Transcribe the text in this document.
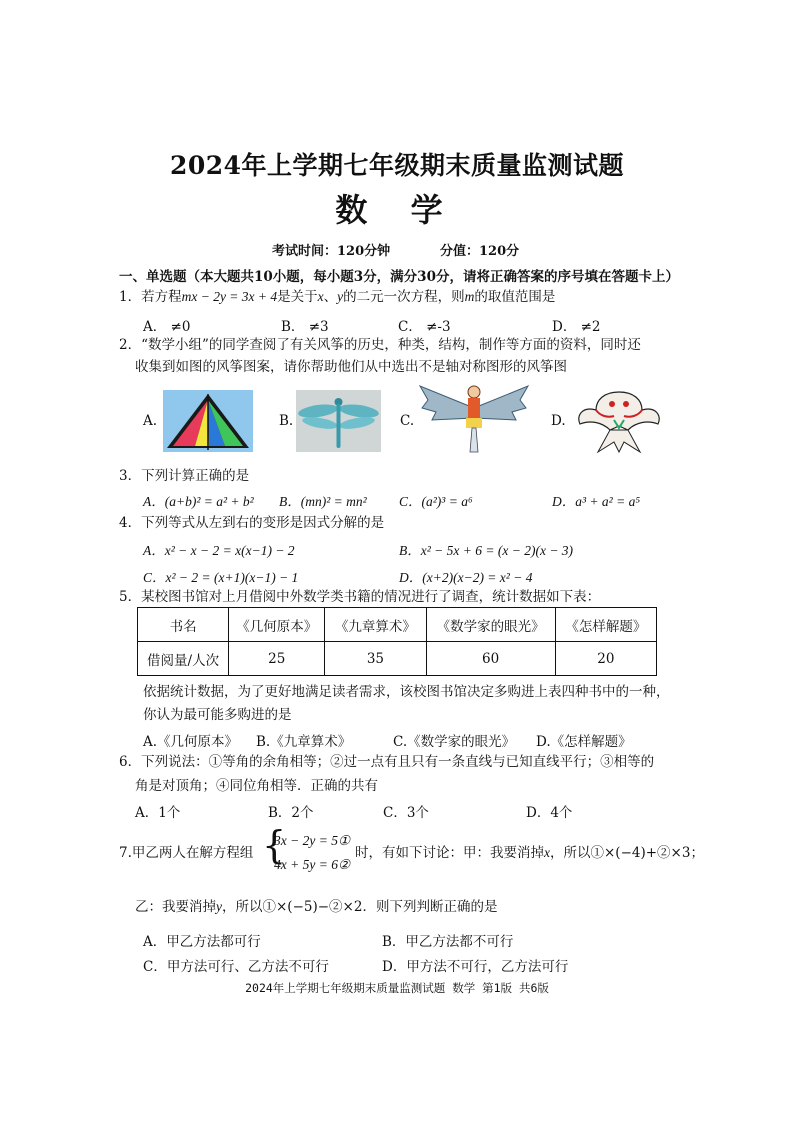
2024年上学期七年级期末质量监测试题
数 学
考试时间：120分钟	分值：120分
一、单选题（本大题共10小题，每小题3分，满分30分，请将正确答案的序号填在答题卡上）
1．若方程mx − 2y = 3x + 4是关于x、y的二元一次方程，则m的取值范围是
A． ≠0	B． ≠3	C． ≠-3	D． ≠2
2．“数学小组”的同学查阅了有关风筝的历史，种类，结构，制作等方面的资料，同时还
收集到如图的风筝图案，请你帮助他们从中选出不是轴对称图形的风筝图
A.	B.	C.	D.
3．下列计算正确的是
A．(a+b)² = a² + b² B．(mn)² = mn² C．(a²)³ = a⁶	D．a³ + a² = a⁵
4．下列等式从左到右的变形是因式分解的是
A．x² − x − 2 = x(x−1) − 2	B．x² − 5x + 6 = (x − 2)(x − 3)
C．x² − 2 = (x+1)(x−1) − 1	D．(x+2)(x−2) = x² − 4
5．某校图书馆对上月借阅中外数学类书籍的情况进行了调查，统计数据如下表：
书名	《几何原本》	《九章算术》	《数学家的眼光》	《怎样解题》
借阅量/人次	25	35	60	20
依据统计数据，为了更好地满足读者需求，该校图书馆决定多购进上表四种书中的一种，
你认为最可能多购进的是
A.《几何原本》 B.《九章算术》	C.《数学家的眼光》 D.《怎样解题》
6．下列说法：①等角的余角相等；②过一点有且只有一条直线与已知直线平行；③相等的
角是对顶角；④同位角相等．正确的共有
A．1个	B．2个	C．3个	D．4个
7.甲乙两人在解方程组 {
3x − 2y = 5①
4x + 5y = 6②
时，有如下讨论：甲：我要消掉x，所以①×(−4)+②×3；
乙：我要消掉y，所以①×(−5)−②×2．则下列判断正确的是
A．甲乙方法都可行	B．甲乙方法都不可行
C．甲方法可行、乙方法不可行	D．甲方法不可行，乙方法可行
2024年上学期七年级期末质量监测试题 数学 第1版 共6版
